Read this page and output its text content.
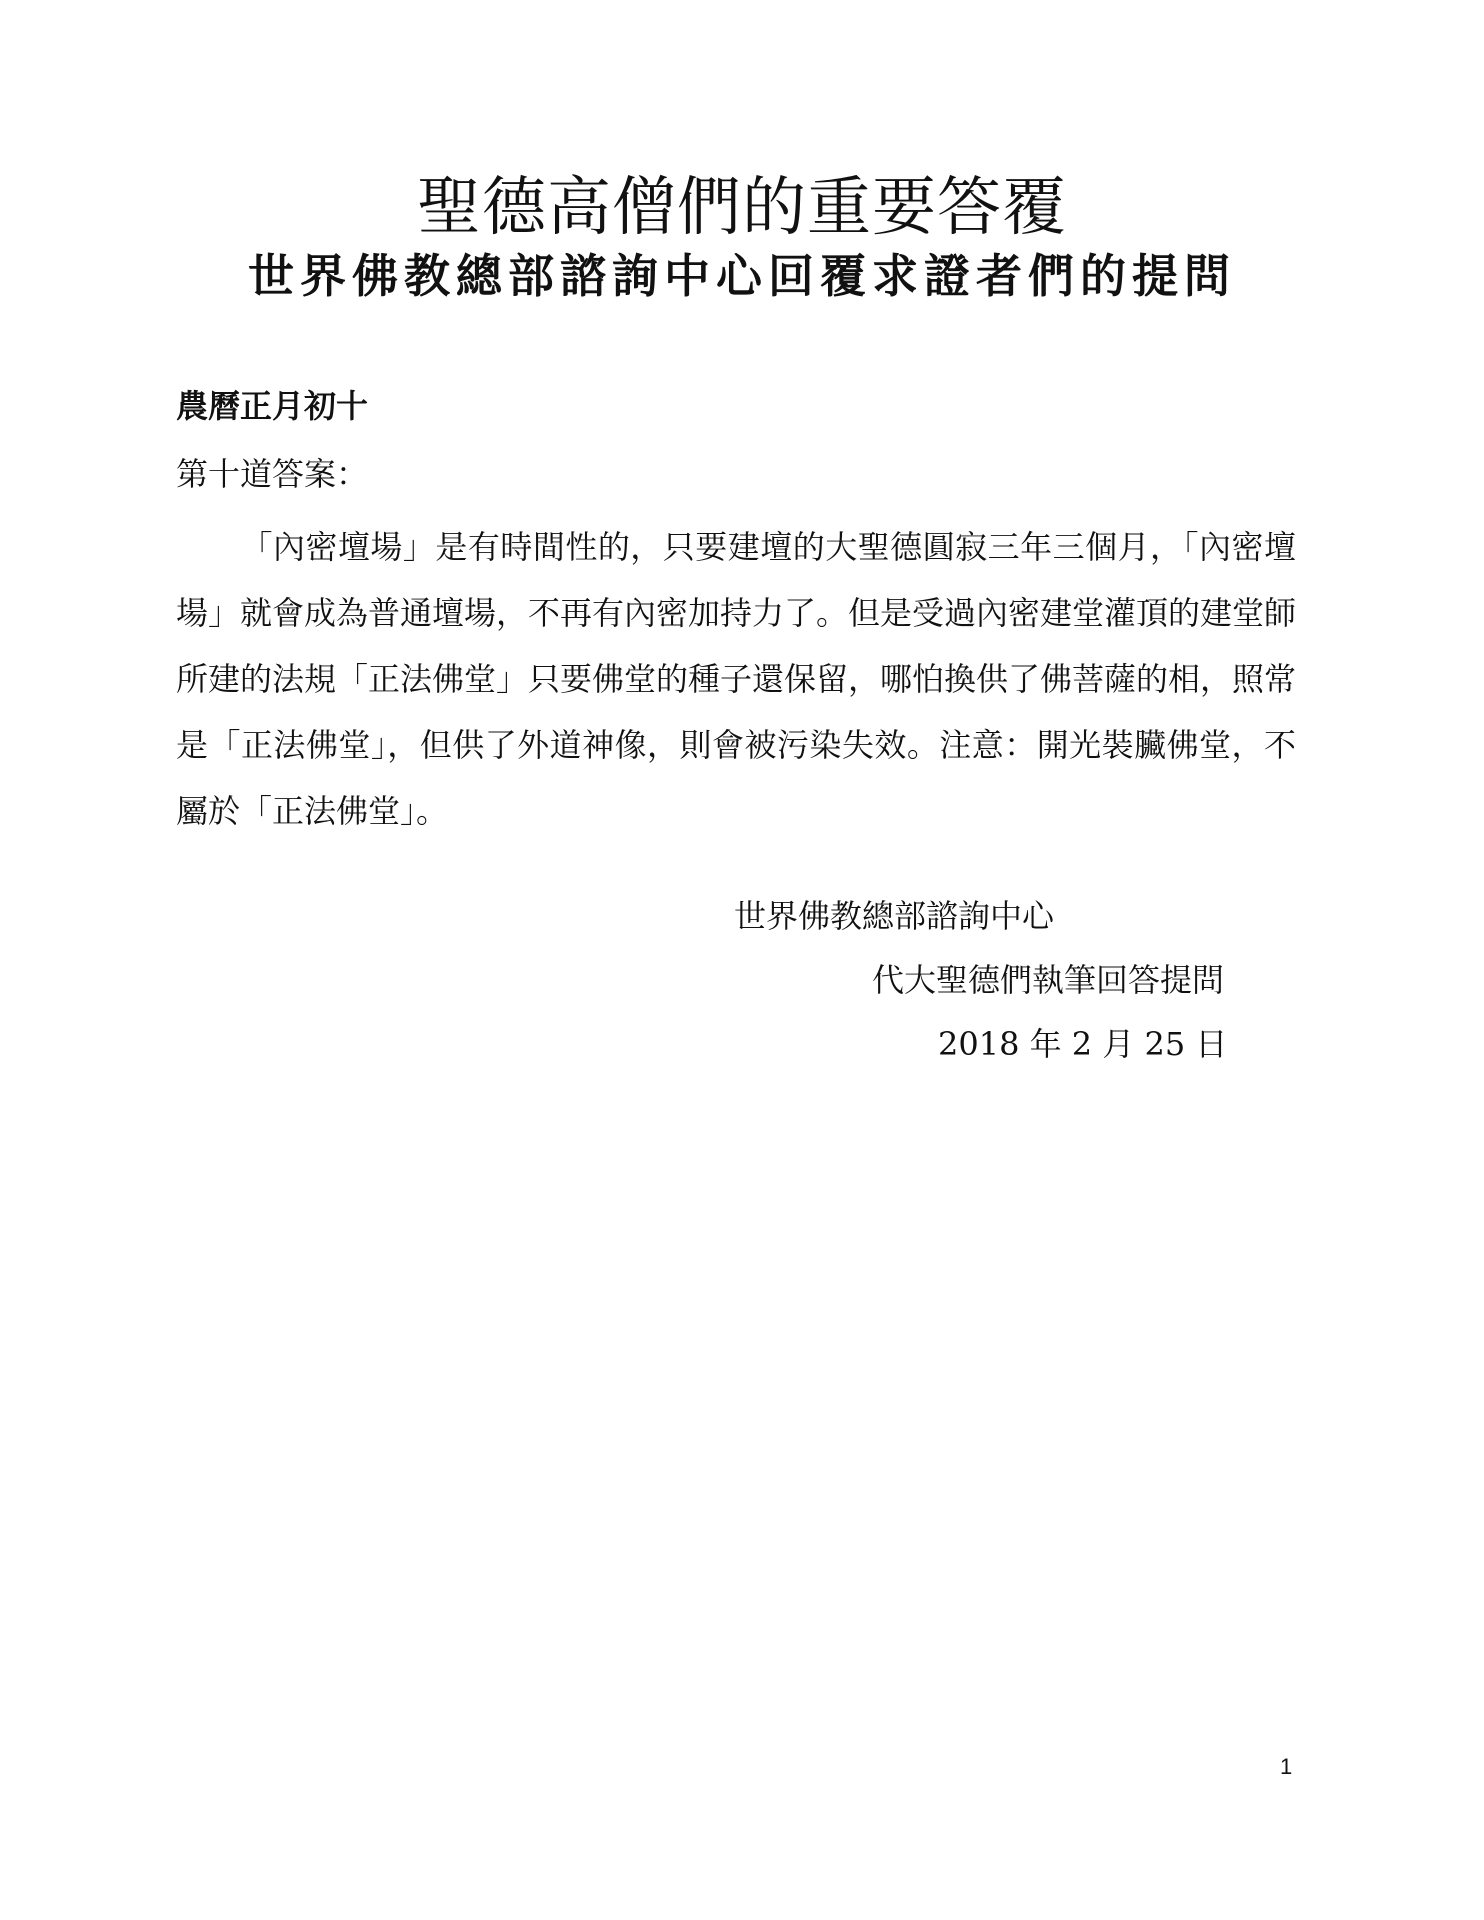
聖德高僧們的重要答覆
世界佛教總部諮詢中心回覆求證者們的提問
農曆正月初十
第十道答案：

「內密壇場」是有時間性的，只要建壇的大聖德圓寂三年三個月，「內密壇場」就會成為普通壇場，不再有內密加持力了。但是受過內密建堂灌頂的建堂師所建的法規「正法佛堂」只要佛堂的種子還保留，哪怕換供了佛菩薩的相，照常是「正法佛堂」，但供了外道神像，則會被污染失效。注意：開光裝臟佛堂，不屬於「正法佛堂」。

世界佛教總部諮詢中心
代大聖德們執筆回答提問
2018 年 2 月 25 日
1
